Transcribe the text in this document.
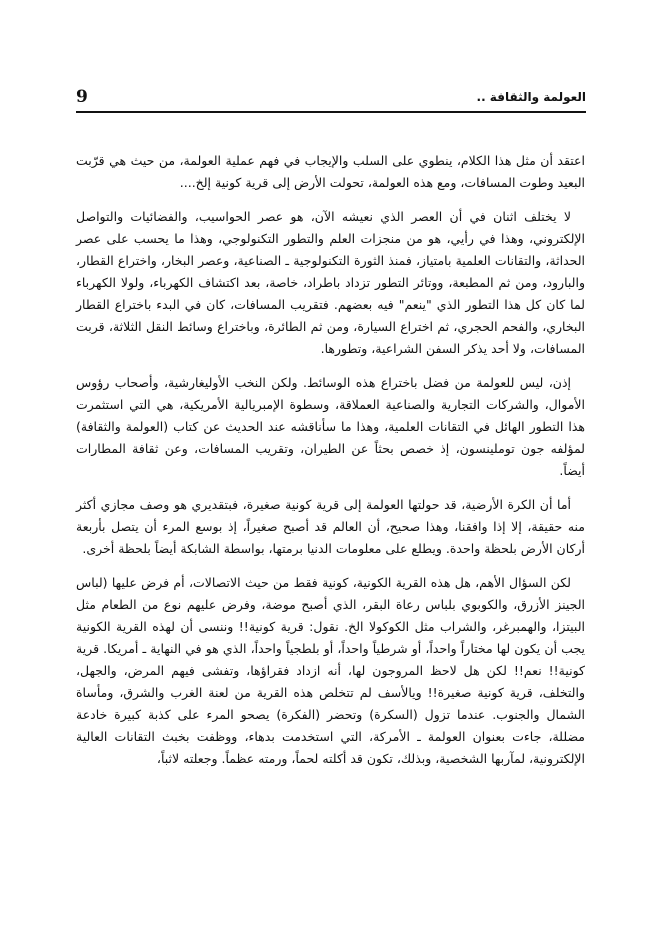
9	العولمة والثقافة ..

اعتقد أن مثل هذا الكلام، ينطوي على السلب والإيجاب في فهم عملية العولمة، من حيث هي قرّبت البعيد وطوت المسافات، ومع هذه العولمة، تحولت الأرض إلى قرية كونية إلخ....

لا يختلف اثنان في أن العصر الذي نعيشه الآن، هو عصر الحواسيب، والفضائيات والتواصل الإلكتروني، وهذا في رأيي، هو من منجزات العلم والتطور التكنولوجي، وهذا ما يحسب على عصر الحداثة، والتقانات العلمية بامتياز، فمنذ الثورة التكنولوجية ـ الصناعية، وعصر البخار، واختراع القطار، والبارود، ومن ثم المطبعة، ووتائر التطور تزداد باطراد، خاصة، بعد اكتشاف الكهرباء، ولولا الكهرباء لما كان كل هذا التطور الذي "ينعم" فيه بعضهم. فتقريب المسافات، كان في البدء باختراع القطار البخاري، والفحم الحجري، ثم اختراع السيارة، ومن ثم الطائرة، وباختراع وسائط النقل الثلاثة، قربت المسافات، ولا أحد يذكر السفن الشراعية، وتطورها.

إذن، ليس للعولمة من فضل باختراع هذه الوسائط. ولكن النخب الأوليغارشية، وأصحاب رؤوس الأموال، والشركات التجارية والصناعية العملاقة، وسطوة الإمبريالية الأمريكية، هي التي استثمرت هذا التطور الهائل في التقانات العلمية، وهذا ما سأناقشه عند الحديث عن كتاب (العولمة والثقافة) لمؤلفه جون توملينسون، إذ خصص بحثاً عن الطيران، وتقريب المسافات، وعن ثقافة المطارات أيضاً.

أما أن الكرة الأرضية، قد حولتها العولمة إلى قرية كونية صغيرة، فبتقديري هو وصف مجازي أكثر منه حقيقة، إلا إذا وافقنا، وهذا صحيح، أن العالم قد أصبح صغيراً، إذ بوسع المرء أن يتصل بأربعة أركان الأرض بلحظة واحدة. ويطلع على معلومات الدنيا برمتها، بواسطة الشابكة أيضاً بلحظة أخرى.

لكن السؤال الأهم، هل هذه القرية الكونية، كونية فقط من حيث الاتصالات، أم فرض عليها (لباس الجينز الأزرق، والكوبوي بلباس رعاة البقر، الذي أصبح موضة، وفرض عليهم نوع من الطعام مثل البيتزا، والهمبرغر، والشراب مثل الكوكولا الخ. نقول: قرية كونية!! وننسى أن لهذه القرية الكونية يجب أن يكون لها مختاراً واحداً، أو شرطياً واحداً، أو بلطجياً واحداً، الذي هو في النهاية ـ أمريكا. قرية كونية!! نعم!! لكن هل لاحظ المروجون لها، أنه ازداد فقراؤها، وتفشى فيهم المرض، والجهل، والتخلف، قرية كونية صغيرة!! ويالأسف لم تتخلص هذه القرية من لعنة الغرب والشرق، ومأساة الشمال والجنوب. عندما تزول (السكرة) وتحضر (الفكرة) يصحو المرء على كذبة كبيرة خادعة مضللة، جاءت بعنوان العولمة ـ الأمركة، التي استخدمت بدهاء، ووظفت بخبث التقانات العالية الإلكترونية، لمآربها الشخصية، وبذلك، تكون قد أكلته لحماً، ورمته عظماً. وجعلته لاثباً،
